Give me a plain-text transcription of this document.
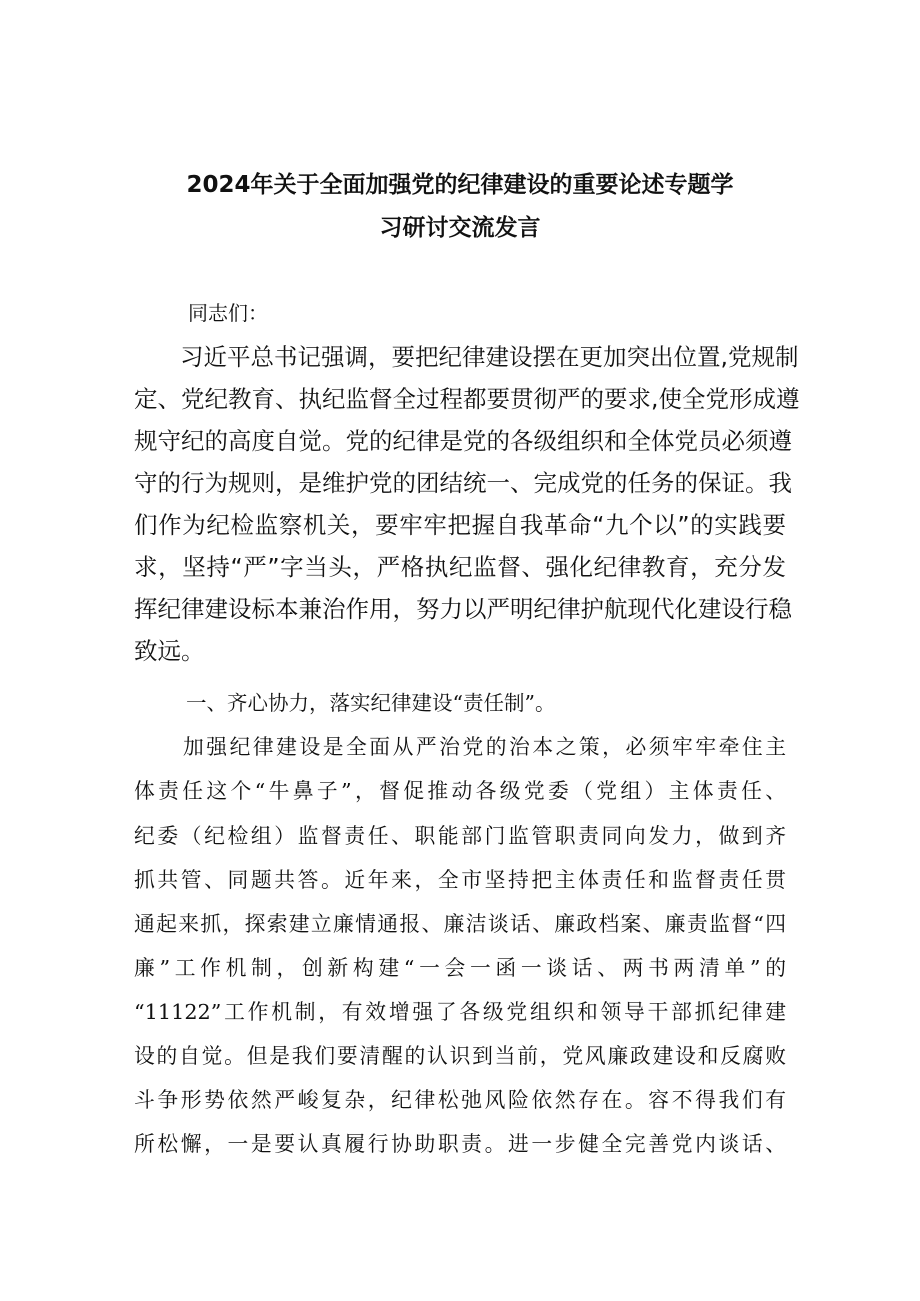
2024年关于全面加强党的纪律建设的重要论述专题学
习研讨交流发言
同志们：
习近平总书记强调，要把纪律建设摆在更加突出位置,党规制
定、党纪教育、执纪监督全过程都要贯彻严的要求,使全党形成遵
规守纪的高度自觉。党的纪律是党的各级组织和全体党员必须遵
守的行为规则，是维护党的团结统一、完成党的任务的保证。我
们作为纪检监察机关，要牢牢把握自我革命“九个以”的实践要
求，坚持“严”字当头，严格执纪监督、强化纪律教育，充分发
挥纪律建设标本兼治作用，努力以严明纪律护航现代化建设行稳
致远。
一、齐心协力，落实纪律建设“责任制”。
加强纪律建设是全面从严治党的治本之策，必须牢牢牵住主
体责任这个“牛鼻子”，督促推动各级党委（党组）主体责任、
纪委（纪检组）监督责任、职能部门监管职责同向发力，做到齐
抓共管、同题共答。近年来，全市坚持把主体责任和监督责任贯
通起来抓，探索建立廉情通报、廉洁谈话、廉政档案、廉责监督“四
廉”工作机制，创新构建“一会一函一谈话、两书两清单”的
“11122”工作机制，有效增强了各级党组织和领导干部抓纪律建
设的自觉。但是我们要清醒的认识到当前，党风廉政建设和反腐败
斗争形势依然严峻复杂，纪律松弛风险依然存在。容不得我们有
所松懈，一是要认真履行协助职责。进一步健全完善党内谈话、
